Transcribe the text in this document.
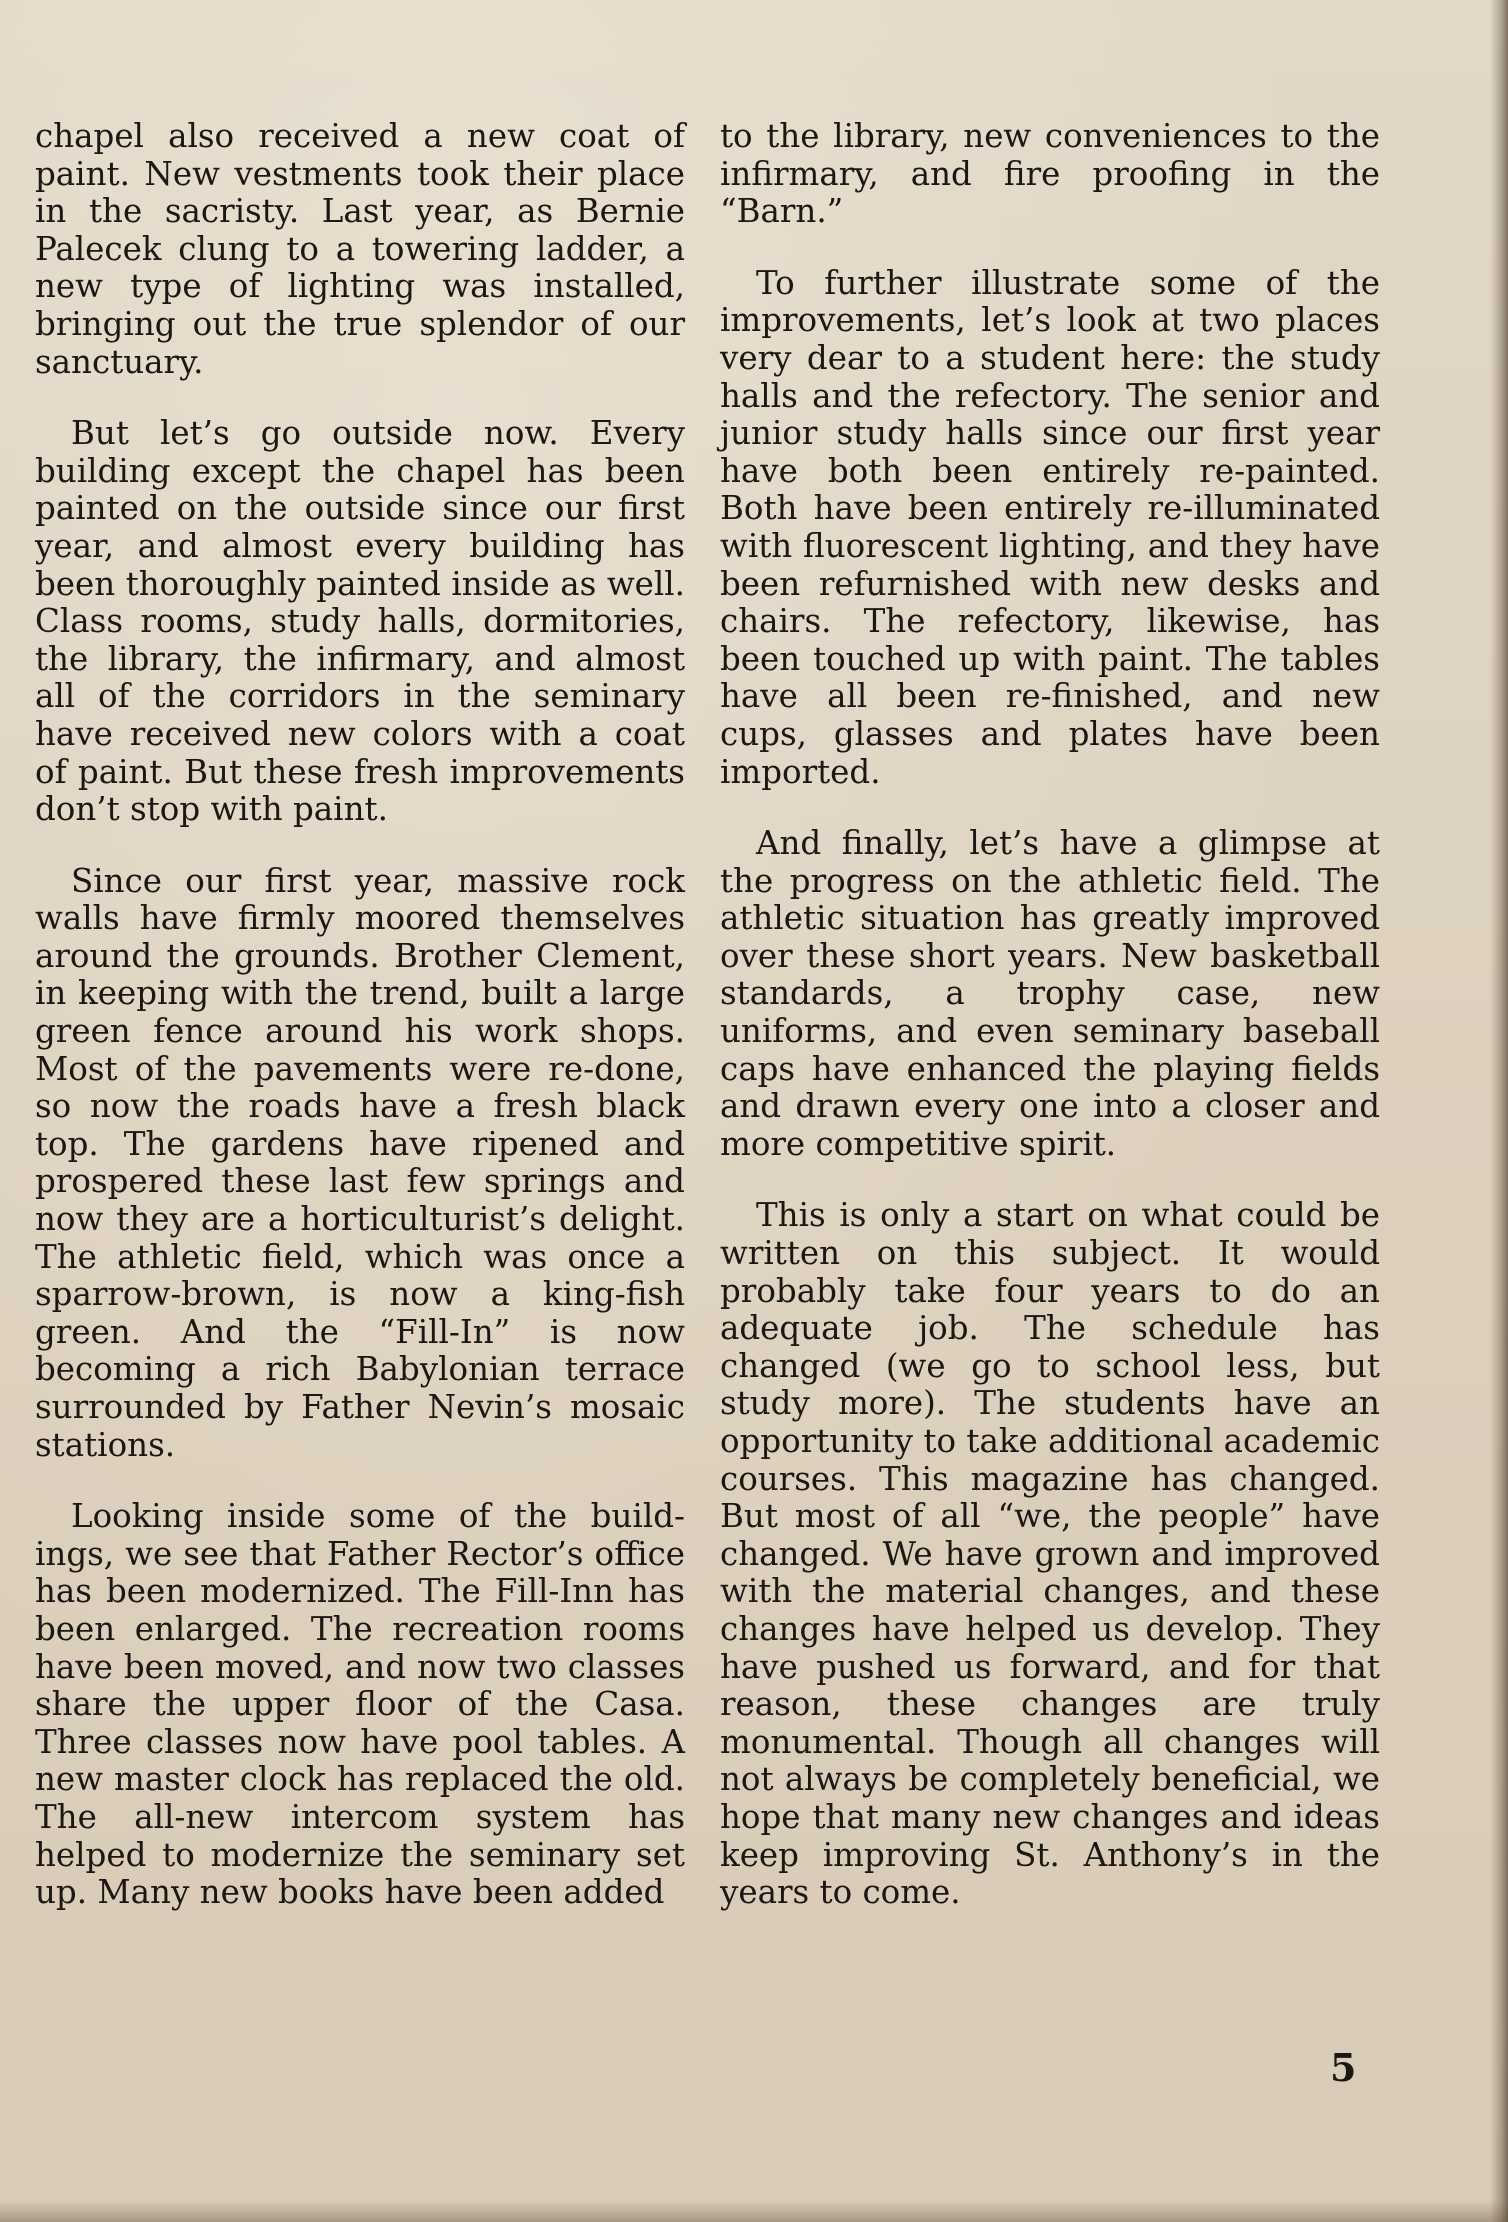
chapel also received a new coat of paint. New vestments took their place in the sacristy. Last year, as Bernie Palecek clung to a towering ladder, a new type of lighting was installed, bringing out the true splendor of our sanctuary.

But let’s go outside now. Every building except the chapel has been painted on the outside since our first year, and almost every building has been thoroughly painted inside as well. Class rooms, study halls, dormitories, the library, the infirmary, and almost all of the corridors in the seminary have received new colors with a coat of paint. But these fresh improvements don’t stop with paint.

Since our first year, massive rock walls have firmly moored themselves around the grounds. Brother Clement, in keeping with the trend, built a large green fence around his work shops. Most of the pavements were re-done, so now the roads have a fresh black top. The gardens have ripened and prospered these last few springs and now they are a horticulturist’s delight. The athletic field, which was once a sparrow-brown, is now a king-fish green. And the “Fill-In” is now becoming a rich Babylonian terrace surrounded by Father Nevin’s mosaic stations.

Looking inside some of the buildings, we see that Father Rector’s office has been modernized. The Fill-Inn has been enlarged. The recreation rooms have been moved, and now two classes share the upper floor of the Casa. Three classes now have pool tables. A new master clock has replaced the old. The all-new intercom system has helped to modernize the seminary set up. Many new books have been added

to the library, new conveniences to the infirmary, and fire proofing in the “Barn.”

To further illustrate some of the improvements, let’s look at two places very dear to a student here: the study halls and the refectory. The senior and junior study halls since our first year have both been entirely re-painted. Both have been entirely re-illuminated with fluorescent lighting, and they have been refurnished with new desks and chairs. The refectory, likewise, has been touched up with paint. The tables have all been re-finished, and new cups, glasses and plates have been imported.

And finally, let’s have a glimpse at the progress on the athletic field. The athletic situation has greatly improved over these short years. New basketball standards, a trophy case, new uniforms, and even seminary baseball caps have enhanced the playing fields and drawn every one into a closer and more competitive spirit.

This is only a start on what could be written on this subject. It would probably take four years to do an adequate job. The schedule has changed (we go to school less, but study more). The students have an opportunity to take additional academic courses. This magazine has changed. But most of all “we, the people” have changed. We have grown and improved with the material changes, and these changes have helped us develop. They have pushed us forward, and for that reason, these changes are truly monumental. Though all changes will not always be completely beneficial, we hope that many new changes and ideas keep improving St. Anthony’s in the years to come.

5
